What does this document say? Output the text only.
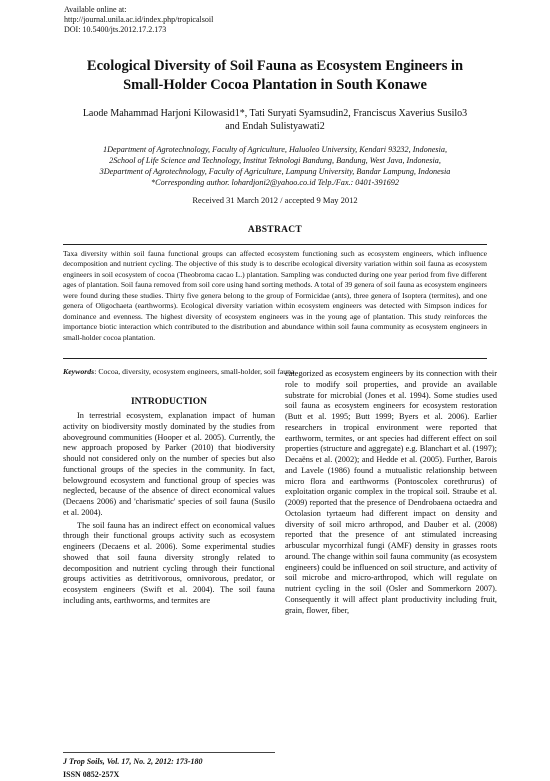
Available online at:
http://journal.unila.ac.id/index.php/tropicalsoil
DOI: 10.5400/jts.2012.17.2.173
Ecological Diversity of Soil Fauna as Ecosystem Engineers in
Small-Holder Cocoa Plantation in South Konawe
Laode Mahammad Harjoni Kilowasid1*, Tati Suryati Syamsudin2, Franciscus Xaverius Susilo3
and Endah Sulistyawati2
1Department of Agrotechnology, Faculty of Agriculture, Haluoleo University, Kendari 93232, Indonesia,
2School of Life Science and Technology, Institut Teknologi Bandung, Bandung, West Java, Indonesia,
3Department of Agrotechnology, Faculty of Agriculture, Lampung University, Bandar Lampung, Indonesia
*Corresponding author. lohardjoni2@yahoo.co.id Telp./Fax.: 0401-391692
Received 31 March 2012 / accepted 9 May 2012
ABSTRACT
Taxa diversity within soil fauna functional groups can affected ecosystem functioning such as ecosystem engineers, which influence decomposition and nutrient cycling. The objective of this study is to describe ecological diversity variation within soil fauna as ecosystem engineers in soil ecosystem of cocoa (Theobroma cacao L.) plantation. Sampling was conducted during one year period from five different ages of plantation. Soil fauna removed from soil core using hand sorting methods. A total of 39 genera of soil fauna as ecosystem engineers were found during these studies. Thirty five genera belong to the group of Formicidae (ants), three genera of Isoptera (termites), and one genera of Oligochaeta (earthworms). Ecological diversity variation within ecosystem engineers was detected with Simpson indices for dominance and evenness. The highest diversity of ecosystem engineers was in the young age of plantation. This study reinforces the importance biotic interaction which contributed to the distribution and abundance within soil fauna community as ecosystem engineers in small-holder cocoa plantation.
Keywords: Cocoa, diversity, ecosystem engineers, small-holder, soil fauna
INTRODUCTION

In terrestrial ecosystem, explanation impact of human activity on biodiversity mostly dominated by the studies from aboveground communities (Hooper et al. 2005). Currently, the new approach proposed by Parker (2010) that biodiversity should not considered only on the number of species but also functional groups of the species in the community. In fact, belowground ecosystem and functional group of species was neglected, because of the absence of direct economical values (Decaens 2006) and 'charismatic' species of soil fauna (Susilo et al. 2004).

The soil fauna has an indirect effect on economical values through their functional groups activity such as ecosystem engineers (Decaens et al. 2006). Some experimental studies showed that soil fauna diversity strongly related to decomposition and nutrient cycling through their functional groups activities as detritivorous, omnivorous, predator, or ecosystem engineers (Swift et al. 2004). The soil fauna including ants, earthworms, and termites are

categorized as ecosystem engineers by its connection with their role to modify soil properties, and provide an available substrate for microbial (Jones et al. 1994). Some studies used soil fauna as ecosystem engineers for ecosystem restoration (Butt et al. 1995; Butt 1999; Byers et al. 2006). Earlier researchers in tropical environment were reported that earthworm, termites, or ant species had different effect on soil properties (structure and aggregate) e.g. Blanchart et al. (1997); Decaëns et al. (2002); and Hedde et al. (2005). Further, Barois and Lavele (1986) found a mutualistic relationship between micro flora and earthworms (Pontoscolex corethrurus) of exploitation organic complex in the tropical soil. Straube et al. (2009) reported that the presence of Dendrobaena octaedra and Octolasion tyrtaeum had different impact on density and diversity of soil micro arthropod, and Dauber et al. (2008) reported that the presence of ant stimulated increasing arbuscular mycorrhizal fungi (AMF) density in grasses roots around. The change within soil fauna community (as ecosystem engineers) could be influenced on soil structure, and activity of soil microbe and micro-arthropod, which will regulate on nutrient cycling in the soil (Osler and Sommerkorn 2007). Consequently it will affect plant productivity including fruit, grain, flower, fiber,

J Trop Soils, Vol. 17, No. 2, 2012: 173-180
ISSN 0852-257X
